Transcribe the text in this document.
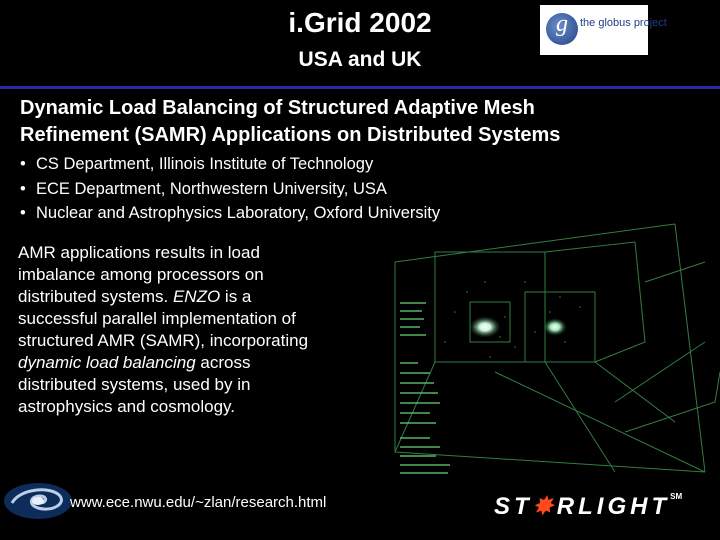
i.Grid 2002
USA and UK
g	the globus project
Dynamic Load Balancing of Structured Adaptive Mesh
Refinement (SAMR) Applications on Distributed Systems
• CS Department, Illinois Institute of Technology
• ECE Department, Northwestern University, USA
• Nuclear and Astrophysics Laboratory, Oxford University
AMR applications results in load imbalance among processors on distributed systems. ENZO is a successful parallel implementation of structured AMR (SAMR), incorporating dynamic load balancing across distributed systems, used by in astrophysics and cosmology.
www.ece.nwu.edu/~zlan/research.html	ST✸RLIGHT℠
